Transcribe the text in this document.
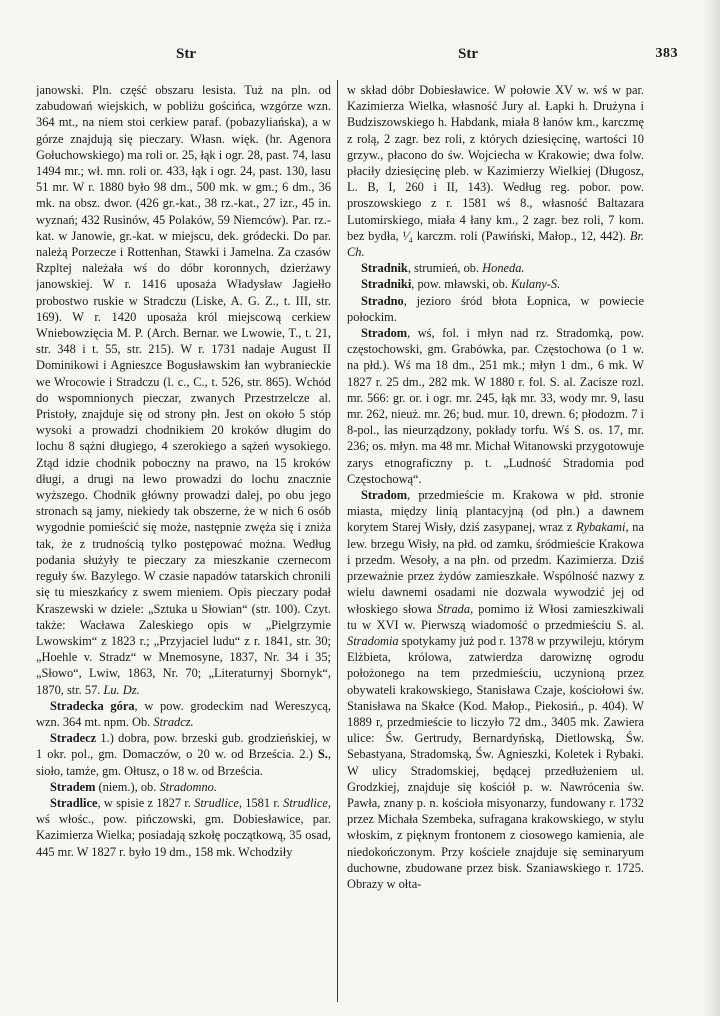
Str	Str	383

janowski. Pln. część obszaru lesista. Tuż na pln. od zabudowań wiejskich, w pobliżu gościńca, wzgórze wzn. 364 mt., na niem stoi cerkiew paraf. (pobazyliańska), a w górze znajdują się pieczary. Własn. więk. (hr. Agenora Gołuchowskiego) ma roli or. 25, łąk i ogr. 28, past. 74, lasu 1494 mr.; wł. mn. roli or. 433, łąk i ogr. 24, past. 130, lasu 51 mr. W r. 1880 było 98 dm., 500 mk. w gm.; 6 dm., 36 mk. na obsz. dwor. (426 gr.-kat., 38 rz.-kat., 27 izr., 45 in. wyznań; 432 Rusinów, 45 Polaków, 59 Niemców). Par. rz.-kat. w Janowie, gr.-kat. w miejscu, dek. gródecki. Do par. należą Porzecze i Rottenhan, Stawki i Jamelna. Za czasów Rzpltej należała wś do dóbr koronnych, dzierżawy janowskiej. W r. 1416 uposaża Władysław Jagiełło probostwo ruskie w Stradczu (Liske, A. G. Z., t. III, str. 169). W r. 1420 uposaża król miejscową cerkiew Wniebowzięcia M. P. (Arch. Bernar. we Lwowie, T., t. 21, str. 348 i t. 55, str. 215). W r. 1731 nadaje August II Dominikowi i Agnieszce Bogusławskim łan wybranieckie we Wrocowie i Stradczu (l. c., C., t. 526, str. 865). Wchód do wspomnionych pieczar, zwanych Przestrzelcze al. Pristoły, znajduje się od strony płn. Jest on około 5 stóp wysoki a prowadzi chodnikiem 20 kroków długim do lochu 8 sążni długiego, 4 szerokiego a sążeń wysokiego. Ztąd idzie chodnik poboczny na prawo, na 15 kroków długi, a drugi na lewo prowadzi do lochu znacznie wyższego. Chodnik główny prowadzi dalej, po obu jego stronach są jamy, niekiedy tak obszerne, że w nich 6 osób wygodnie pomieścić się może, następnie zwęża się i zniża tak, że z trudnością tylko postępować można. Według podania służyły te pieczary za mieszkanie czernecom reguły św. Bazylego. W czasie napadów tatarskich chronili się tu mieszkańcy z swem mieniem. Opis pieczary podał Kraszewski w dziele: „Sztuka u Słowian“ (str. 100). Czyt. także: Wacława Zaleskiego opis w „Pielgrzymie Lwowskim“ z 1823 r.; „Przyjaciel ludu“ z r. 1841, str. 30; „Hoehle v. Stradz“ w Mnemosyne, 1837, Nr. 34 i 35; „Słowo“, Lwiw, 1863, Nr. 70; „Literaturnyj Sbornyk“, 1870, str. 57. Lu. Dz.

Stradecka góra, w pow. grodeckim nad Wereszycą, wzn. 364 mt. npm. Ob. Stradcz.

Stradecz 1.) dobra, pow. brzeski gub. grodzieńskiej, w 1 okr. pol., gm. Domaczów, o 20 w. od Brześcia. 2.) S., sioło, tamże, gm. Ołtusz, o 18 w. od Brześcia.

Stradem (niem.), ob. Stradomno.

Stradlice, w spisie z 1827 r. Strudlice, 1581 r. Strudlice, wś włośc., pow. pińczowski, gm. Dobiesławice, par. Kazimierza Wielka; posiadają szkołę początkową, 35 osad, 445 mr. W 1827 r. było 19 dm., 158 mk. Wchodziły

w skład dóbr Dobiesławice. W połowie XV w. wś w par. Kazimierza Wielka, własność Jury al. Łapki h. Drużyna i Budziszowskiego h. Habdank, miała 8 łanów km., karczmę z rolą, 2 zagr. bez roli, z których dziesięcinę, wartości 10 grzyw., płacono do św. Wojciecha w Krakowie; dwa folw. płaciły dziesięcinę pleb. w Kazimierzy Wielkiej (Długosz, L. B, I, 260 i II, 143). Według reg. pobor. pow. proszowskiego z r. 1581 wś 8., własność Baltazara Lutomirskiego, miała 4 łany km., 2 zagr. bez roli, 7 kom. bez bydła, ¹⁄₄ karczm. roli (Pawiński, Małop., 12, 442). Br. Ch.

Stradnik, strumień, ob. Honeda.

Stradniki, pow. mławski, ob. Kulany-S.

Stradno, jezioro śród błota Łopnica, w powiecie połockim.

Stradom, wś, fol. i młyn nad rz. Stradomką, pow. częstochowski, gm. Grabówka, par. Częstochowa (o 1 w. na płd.). Wś ma 18 dm., 251 mk.; młyn 1 dm., 6 mk. W 1827 r. 25 dm., 282 mk. W 1880 r. fol. S. al. Zacisze rozl. mr. 566: gr. or. i ogr. mr. 245, łąk mr. 33, wody mr. 9, lasu mr. 262, nieuż. mr. 26; bud. mur. 10, drewn. 6; płodozm. 7 i 8-pol., las nieurządzony, pokłady torfu. Wś S. os. 17, mr. 236; os. młyn. ma 48 mr. Michał Witanowski przygotowuje zarys etnograficzny p. t. „Ludność Stradomia pod Częstochową“.

Stradom, przedmieście m. Krakowa w płd. stronie miasta, między linią plantacyjną (od płn.) a dawnem korytem Starej Wisły, dziś zasypanej, wraz z Rybakami, na lew. brzegu Wisły, na płd. od zamku, śródmieście Krakowa i przedm. Wesoły, a na płn. od przedm. Kazimierza. Dziś przeważnie przez żydów zamieszkałe. Wspólność nazwy z wielu dawnemi osadami nie dozwala wywodzić jej od włoskiego słowa Strada, pomimo iż Włosi zamieszkiwali tu w XVI w. Pierwszą wiadomość o przedmieściu S. al. Stradomia spotykamy już pod r. 1378 w przywileju, którym Elżbieta, królowa, zatwierdza darowiznę ogrodu położonego na tem przedmieściu, uczynioną przez obywateli krakowskiego, Stanisława Czaje, kościołowi św. Stanisława na Skałce (Kod. Małop., Piekosiń., p. 404). W 1889 r, przedmieście to liczyło 72 dm., 3405 mk. Zawiera ulice: Św. Gertrudy, Bernardyńską, Dietlowską, Św. Sebastyana, Stradomską, Św. Agnieszki, Koletek i Rybaki. W ulicy Stradomskiej, będącej przedłużeniem ul. Grodzkiej, znajduje się kościół p. w. Nawrócenia św. Pawła, znany p. n. kościoła misyonarzy, fundowany r. 1732 przez Michała Szembeka, sufragana krakowskiego, w stylu włoskim, z pięknym frontonem z ciosowego kamienia, ale niedokończonym. Przy kościele znajduje się seminaryum duchowne, zbudowane przez bisk. Szaniawskiego r. 1725. Obrazy w ołta-
